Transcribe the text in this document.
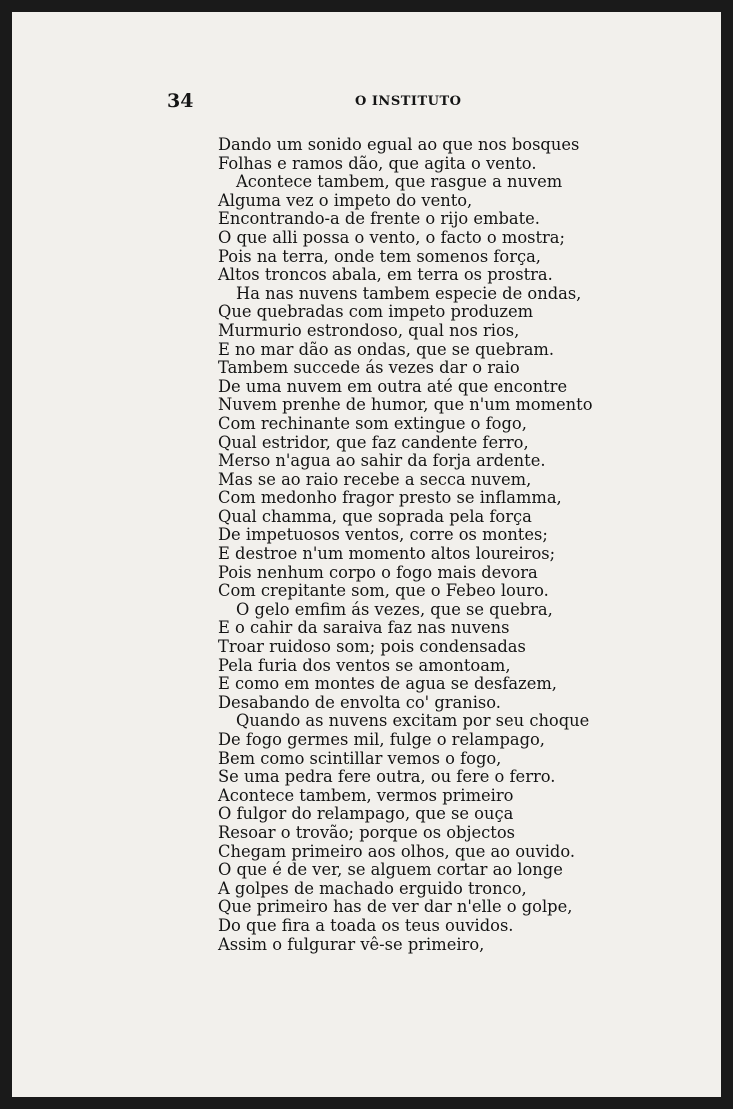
34	O INSTITUTO
Dando um sonido egual ao que nos bosques
Folhas e ramos dão, que agita o vento.
Acontece tambem, que rasgue a nuvem
Alguma vez o impeto do vento,
Encontrando-a de frente o rijo embate.
O que alli possa o vento, o facto o mostra;
Pois na terra, onde tem somenos força,
Altos troncos abala, em terra os prostra.
Ha nas nuvens tambem especie de ondas,
Que quebradas com impeto produzem
Murmurio estrondoso, qual nos rios,
E no mar dão as ondas, que se quebram.
Tambem succede ás vezes dar o raio
De uma nuvem em outra até que encontre
Nuvem prenhe de humor, que n'um momento
Com rechinante som extingue o fogo,
Qual estridor, que faz candente ferro,
Merso n'agua ao sahir da forja ardente.
Mas se ao raio recebe a secca nuvem,
Com medonho fragor presto se inflamma,
Qual chamma, que soprada pela força
De impetuosos ventos, corre os montes;
E destroe n'um momento altos loureiros;
Pois nenhum corpo o fogo mais devora
Com crepitante som, que o Febeo louro.
O gelo emfim ás vezes, que se quebra,
E o cahir da saraiva faz nas nuvens
Troar ruidoso som; pois condensadas
Pela furia dos ventos se amontoam,
E como em montes de agua se desfazem,
Desabando de envolta co' graniso.
Quando as nuvens excitam por seu choque
De fogo germes mil, fulge o relampago,
Bem como scintillar vemos o fogo,
Se uma pedra fere outra, ou fere o ferro.
Acontece tambem, vermos primeiro
O fulgor do relampago, que se ouça
Resoar o trovão; porque os objectos
Chegam primeiro aos olhos, que ao ouvido.
O que é de ver, se alguem cortar ao longe
A golpes de machado erguido tronco,
Que primeiro has de ver dar n'elle o golpe,
Do que fira a toada os teus ouvidos.
Assim o fulgurar vê-se primeiro,
